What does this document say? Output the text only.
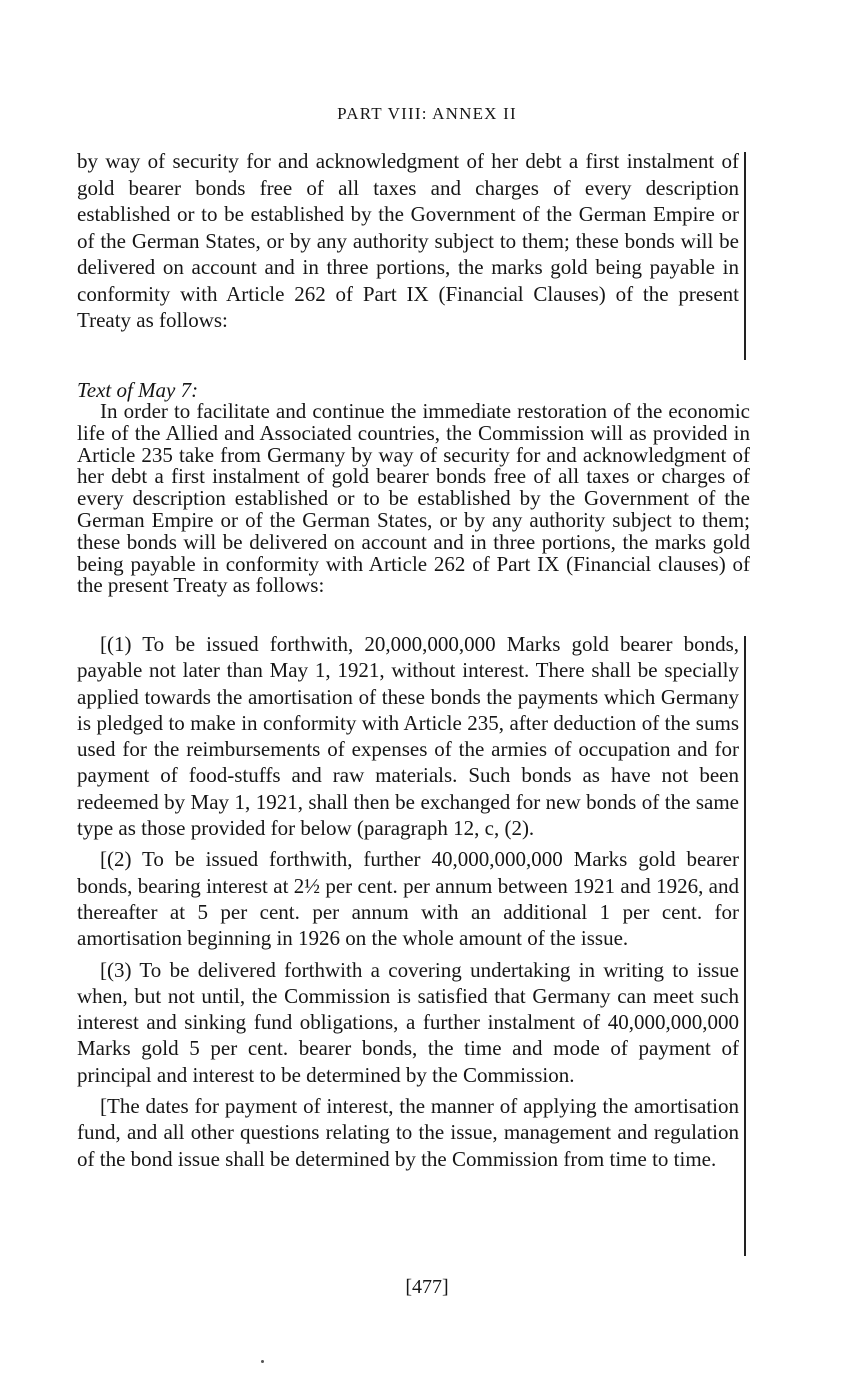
PART VIII: ANNEX II

by way of security for and acknowledgment of her debt a first instalment of gold bearer bonds free of all taxes and charges of every description established or to be established by the Government of the German Empire or of the German States, or by any authority subject to them; these bonds will be delivered on account and in three portions, the marks gold being payable in conformity with Article 262 of Part IX (Financial Clauses) of the present Treaty as follows:

Text of May 7:

In order to facilitate and continue the immediate restoration of the economic life of the Allied and Associated countries, the Commission will as provided in Article 235 take from Germany by way of security for and acknowledgment of her debt a first instalment of gold bearer bonds free of all taxes or charges of every description established or to be established by the Government of the German Empire or of the German States, or by any authority subject to them; these bonds will be delivered on account and in three portions, the marks gold being payable in conformity with Article 262 of Part IX (Financial clauses) of the present Treaty as follows:

[(1) To be issued forthwith, 20,000,000,000 Marks gold bearer bonds, payable not later than May 1, 1921, without interest. There shall be specially applied towards the amortisation of these bonds the payments which Germany is pledged to make in conformity with Article 235, after deduction of the sums used for the reimbursements of expenses of the armies of occupation and for payment of food-stuffs and raw materials. Such bonds as have not been redeemed by May 1, 1921, shall then be exchanged for new bonds of the same type as those provided for below (paragraph 12, c, (2).

[(2) To be issued forthwith, further 40,000,000,000 Marks gold bearer bonds, bearing interest at 2½ per cent. per annum between 1921 and 1926, and thereafter at 5 per cent. per annum with an additional 1 per cent. for amortisation beginning in 1926 on the whole amount of the issue.

[(3) To be delivered forthwith a covering undertaking in writing to issue when, but not until, the Commission is satisfied that Germany can meet such interest and sinking fund obligations, a further instalment of 40,000,000,000 Marks gold 5 per cent. bearer bonds, the time and mode of payment of principal and interest to be determined by the Commission.

[The dates for payment of interest, the manner of applying the amortisation fund, and all other questions relating to the issue, management and regulation of the bond issue shall be determined by the Commission from time to time.

[477]
